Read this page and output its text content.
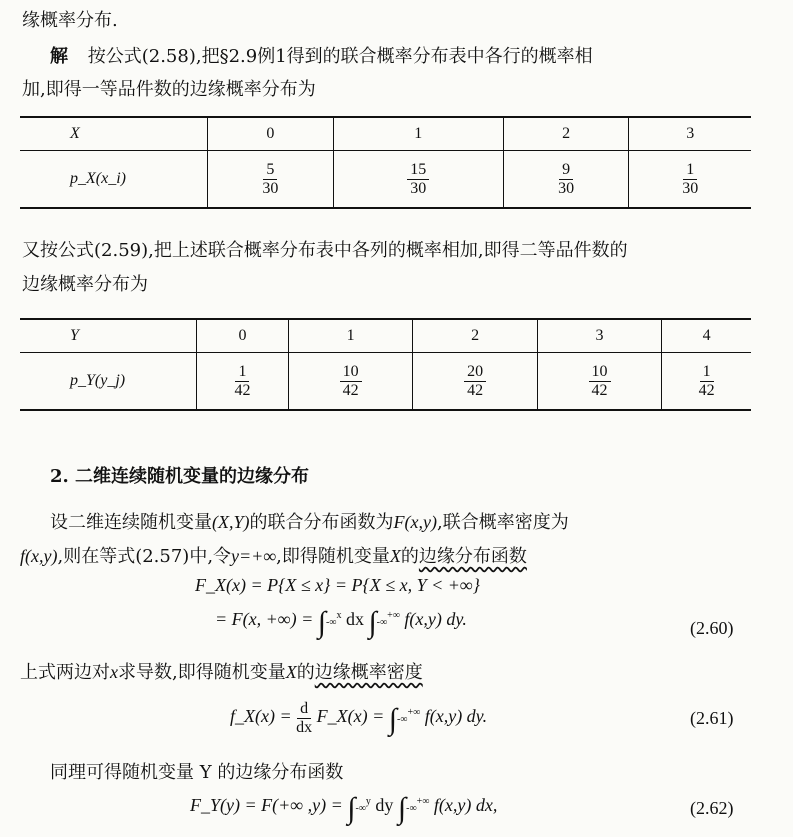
缘概率分布.
解 按公式(2.58),把§2.9例1得到的联合概率分布表中各行的概率相
加,即得一等品件数的边缘概率分布为
X	0	1	2	3
p_X(x_i)	$\frac{5}{30}$	$\frac{15}{30}$	$\frac{9}{30}$	$\frac{1}{30}$
又按公式(2.59),把上述联合概率分布表中各列的概率相加,即得二等品件数的
边缘概率分布为
Y	0	1	2	3	4
p_Y(y_j)	$\frac{1}{42}$	$\frac{10}{42}$	$\frac{20}{42}$	$\frac{10}{42}$	$\frac{1}{42}$
2. 二维连续随机变量的边缘分布
设二维连续随机变量(X,Y)的联合分布函数为F(x,y),联合概率密度为
f(x,y),则在等式(2.57)中,令y=+∞,即得随机变量X的边缘分布函数
F_X(x) = P{X ≤ x} = P{X ≤ x, Y < +∞}
= F(x, +∞) = ∫-∞$^x$ dx ∫-∞+∞ f(x,y) dy.	(2.60)
上式两边对x求导数,即得随机变量X的边缘概率密度
f_X(x) = $\frac{d}{dx}$ F_X(x) = ∫-∞+∞ f(x,y) dy.	(2.61)
同理可得随机变量 Y 的边缘分布函数
F_Y(y) = F(+∞ ,y) = ∫-∞$^y$ dy ∫-∞+∞ f(x,y) dx,	(2.62)
